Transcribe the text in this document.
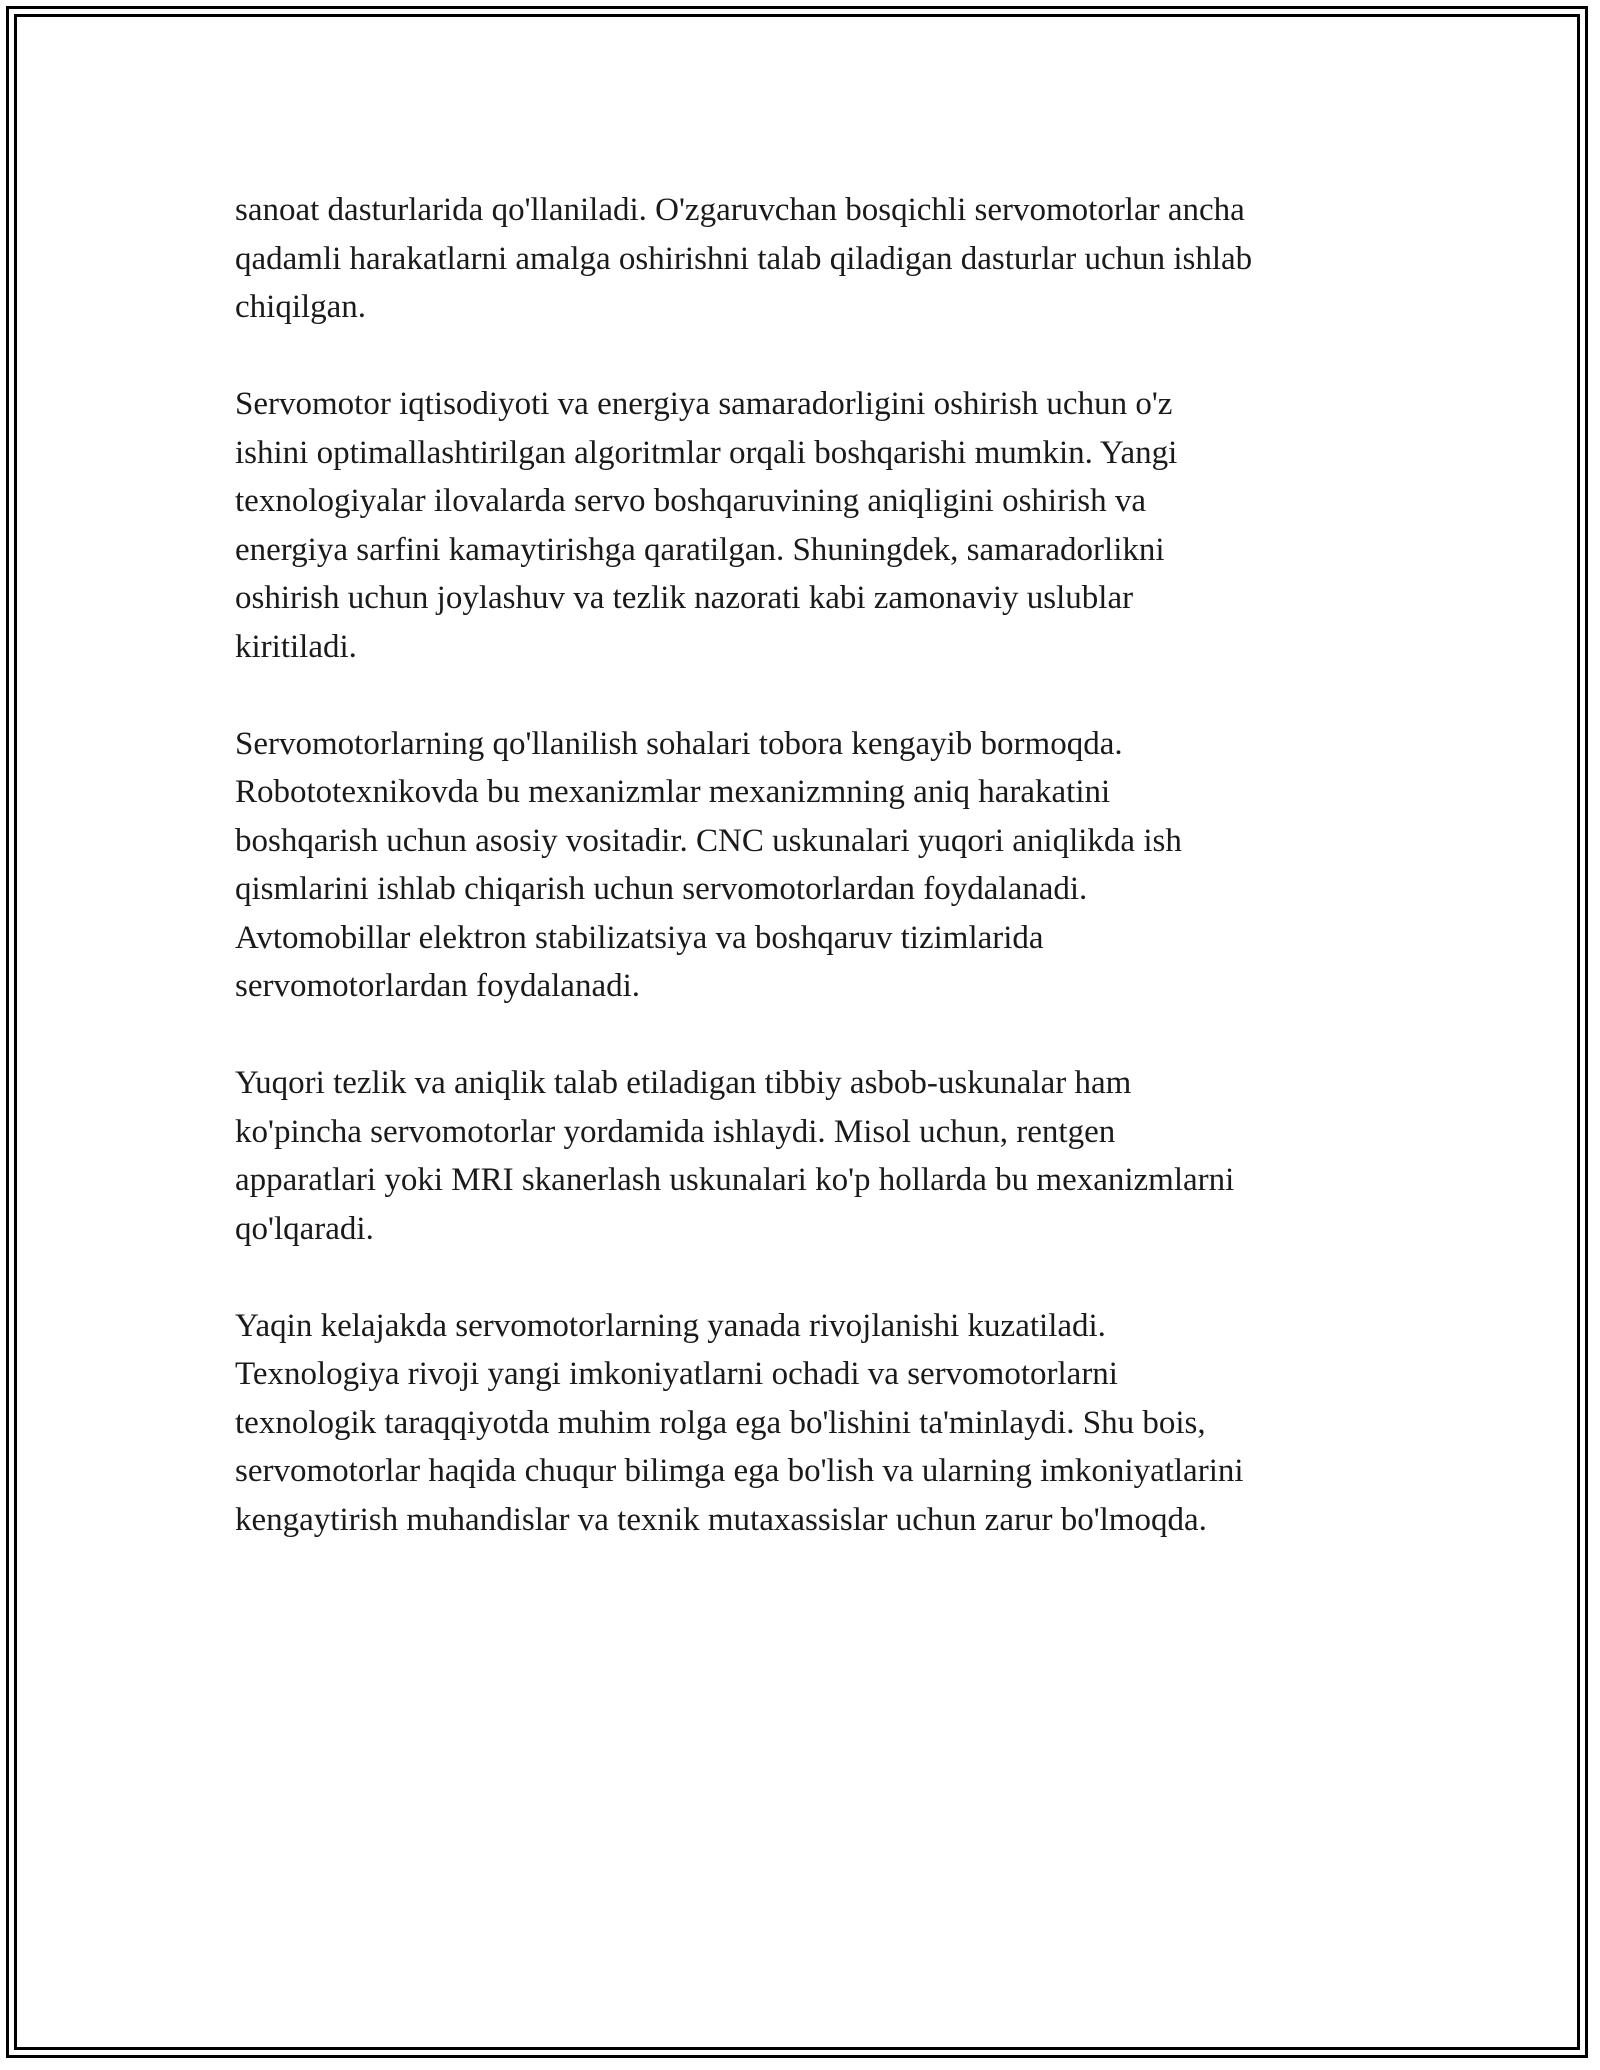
sanoat dasturlarida qo'llaniladi. O'zgaruvchan bosqichli servomotorlar ancha
qadamli harakatlarni amalga oshirishni talab qiladigan dasturlar uchun ishlab
chiqilgan.

Servomotor iqtisodiyoti va energiya samaradorligini oshirish uchun o'z
ishini optimallashtirilgan algoritmlar orqali boshqarishi mumkin. Yangi
texnologiyalar ilovalarda servo boshqaruvining aniqligini oshirish va
energiya sarfini kamaytirishga qaratilgan. Shuningdek, samaradorlikni
oshirish uchun joylashuv va tezlik nazorati kabi zamonaviy uslublar
kiritiladi.

Servomotorlarning qo'llanilish sohalari tobora kengayib bormoqda.
Robototexnikovda bu mexanizmlar mexanizmning aniq harakatini
boshqarish uchun asosiy vositadir. CNC uskunalari yuqori aniqlikda ish
qismlarini ishlab chiqarish uchun servomotorlardan foydalanadi.
Avtomobillar elektron stabilizatsiya va boshqaruv tizimlarida
servomotorlardan foydalanadi.

Yuqori tezlik va aniqlik talab etiladigan tibbiy asbob-uskunalar ham
ko'pincha servomotorlar yordamida ishlaydi. Misol uchun, rentgen
apparatlari yoki MRI skanerlash uskunalari ko'p hollarda bu mexanizmlarni
qo'lqaradi.

Yaqin kelajakda servomotorlarning yanada rivojlanishi kuzatiladi.
Texnologiya rivoji yangi imkoniyatlarni ochadi va servomotorlarni
texnologik taraqqiyotda muhim rolga ega bo'lishini ta'minlaydi. Shu bois,
servomotorlar haqida chuqur bilimga ega bo'lish va ularning imkoniyatlarini
kengaytirish muhandislar va texnik mutaxassislar uchun zarur bo'lmoqda.
